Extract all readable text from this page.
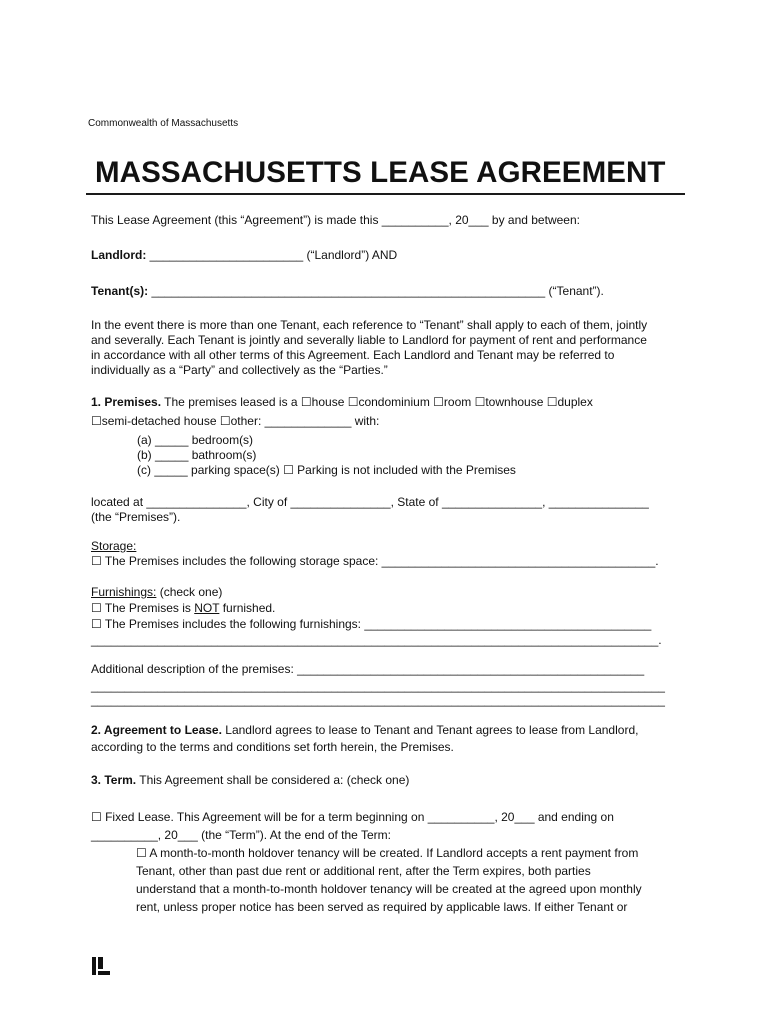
Commonwealth of Massachusetts
MASSACHUSETTS LEASE AGREEMENT
This Lease Agreement (this “Agreement”) is made this __________, 20___ by and between:
Landlord: _______________________ (“Landlord”) AND
Tenant(s): ___________________________________________________________ (“Tenant”).
In the event there is more than one Tenant, each reference to “Tenant” shall apply to each of them, jointly
and severally. Each Tenant is jointly and severally liable to Landlord for payment of rent and performance
in accordance with all other terms of this Agreement. Each Landlord and Tenant may be referred to
individually as a “Party” and collectively as the “Parties.”
1. Premises. The premises leased is a ☐house ☐condominium ☐room ☐townhouse ☐duplex
☐semi-detached house ☐other: _____________ with:
(a) _____ bedroom(s)
(b) _____ bathroom(s)
(c) _____ parking space(s) ☐ Parking is not included with the Premises
located at _______________, City of _______________, State of _______________, _______________
(the “Premises”).
Storage:
☐ The Premises includes the following storage space: _________________________________________.
Furnishings: (check one)
☐ The Premises is NOT furnished.
☐ The Premises includes the following furnishings: ___________________________________________
_____________________________________________________________________________________.
Additional description of the premises: ____________________________________________________
______________________________________________________________________________________
______________________________________________________________________________________
2. Agreement to Lease. Landlord agrees to lease to Tenant and Tenant agrees to lease from Landlord,
according to the terms and conditions set forth herein, the Premises.
3. Term. This Agreement shall be considered a: (check one)
☐ Fixed Lease. This Agreement will be for a term beginning on __________, 20___ and ending on
__________, 20___ (the “Term”). At the end of the Term:
☐ A month-to-month holdover tenancy will be created. If Landlord accepts a rent payment from
Tenant, other than past due rent or additional rent, after the Term expires, both parties
understand that a month-to-month holdover tenancy will be created at the agreed upon monthly
rent, unless proper notice has been served as required by applicable laws. If either Tenant or
